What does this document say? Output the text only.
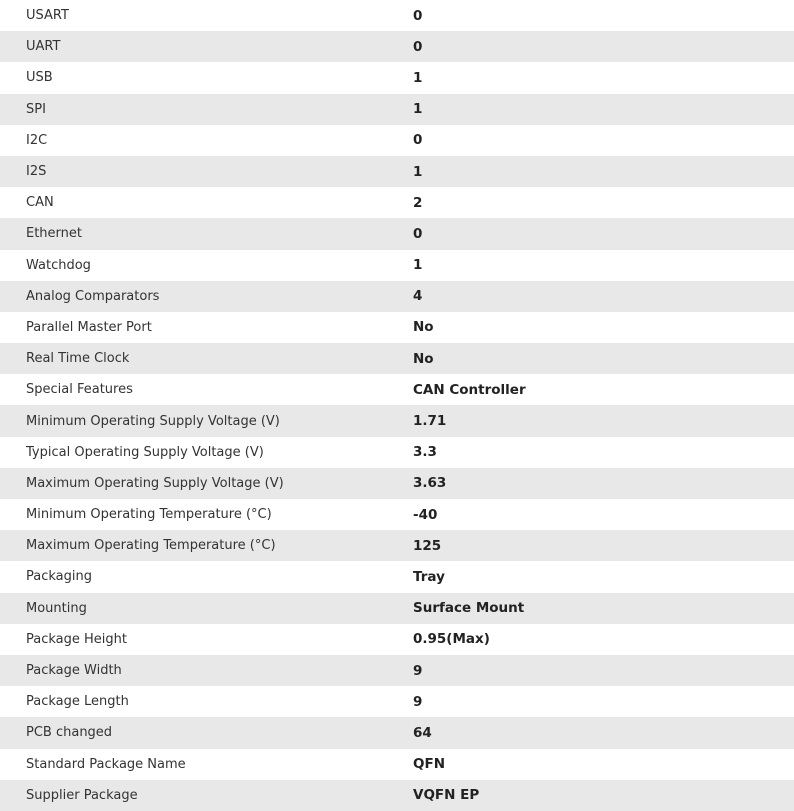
USART	0
UART	0
USB	1
SPI	1
I2C	0
I2S	1
CAN	2
Ethernet	0
Watchdog	1
Analog Comparators	4
Parallel Master Port	No
Real Time Clock	No
Special Features	CAN Controller
Minimum Operating Supply Voltage (V)	1.71
Typical Operating Supply Voltage (V)	3.3
Maximum Operating Supply Voltage (V)	3.63
Minimum Operating Temperature (°C)	-40
Maximum Operating Temperature (°C)	125
Packaging	Tray
Mounting	Surface Mount
Package Height	0.95(Max)
Package Width	9
Package Length	9
PCB changed	64
Standard Package Name	QFN
Supplier Package	VQFN EP
